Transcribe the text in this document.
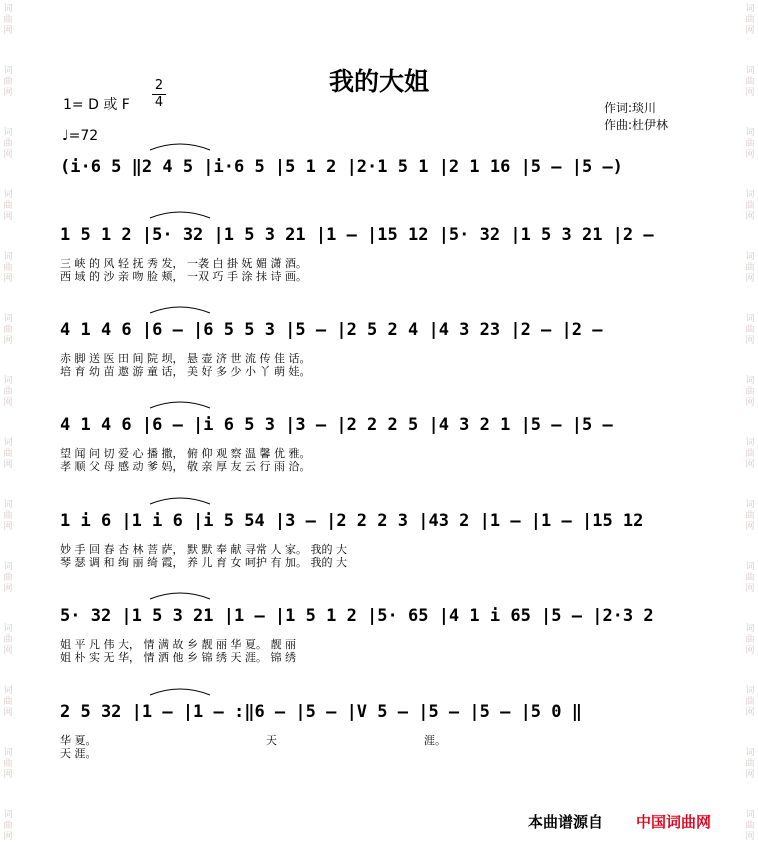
词
曲
网
词
曲
网
词
曲
网
词
曲
网
词
曲
网
词
曲
网
词
曲
网
词
曲
网
词
曲
网
词
曲
网
词
曲
网
词
曲
网
词
曲
网
词
曲
网
词
曲
网
词
曲
网
词
曲
网
词
曲
网
词
曲
网
词
曲
网
词
曲
网
词
曲
网
词
曲
网
词
曲
网
词
曲
网
词
曲
网
词
曲
网
词
曲
网
我的大姐
1= D 或 F
2
4
♩=72
作词:琰川
作曲:杜伊林
(i·6 5 ‖2 4 5 |i·6 5 |5 1 2 |2·1 5 1 |2 1 16 |5 – |5 –)
1 5 1 2 |5· 32 |1 5 3 21 |1 – |15 12 |5· 32 |1 5 3 21 |2 –
三 峡 的 风 轻 抚 秀 发， 一袭 白 掛 妩 媚 潇 酒。
西 域 的 沙 亲 吻 脸 颊， 一双 巧 手 涂 抹 诗 画。
4 1 4 6 |6 – |6 5 5 3 |5 – |2 5 2 4 |4 3 23 |2 – |2 –
赤 脚 送 医 田 间 院 坝， 悬 壶 济 世 流 传 佳 话。
培 育 幼 苗 遨 游 童 话， 美 好 多 少 小 丫 萌 娃。
4 1 4 6 |6 – |i 6 5 3 |3 – |2 2 2 5 |4 3 2 1 |5 – |5 –
望 闻 问 切 爱 心 播 撒， 俯 仰 观 察 温 馨 优 雅。
孝 顺 父 母 感 动 爹 妈， 敬 亲 厚 友 云 行 雨 洽。
1 i 6 |1 i 6 |i 5 54 |3 – |2 2 2 3 |43 2 |1 – |1 – |15 12
妙 手 回 春 杏 林 菩 萨， 默 默 奉 献 寻常 人 家。 我的 大
琴 瑟 调 和 绚 丽 绮 霞， 养 儿 育 女 呵护 有 加。 我的 大
5· 32 |1 5 3 21 |1 – |1 5 1 2 |5· 65 |4 1 i 65 |5 – |2·3 2
姐 平 凡 伟 大， 情 满 故 乡 靓 丽 华 夏。 靓 丽
姐 朴 实 无 华， 情 洒 他 乡 锦 绣 天 涯。 锦 绣
2 5 32 |1 – |1 – :‖6 – |5 – |V 5 – |5 – |5 – |5 0 ‖
华 夏。
天 涯。
天	涯。
本曲谱源自 中国词曲网
